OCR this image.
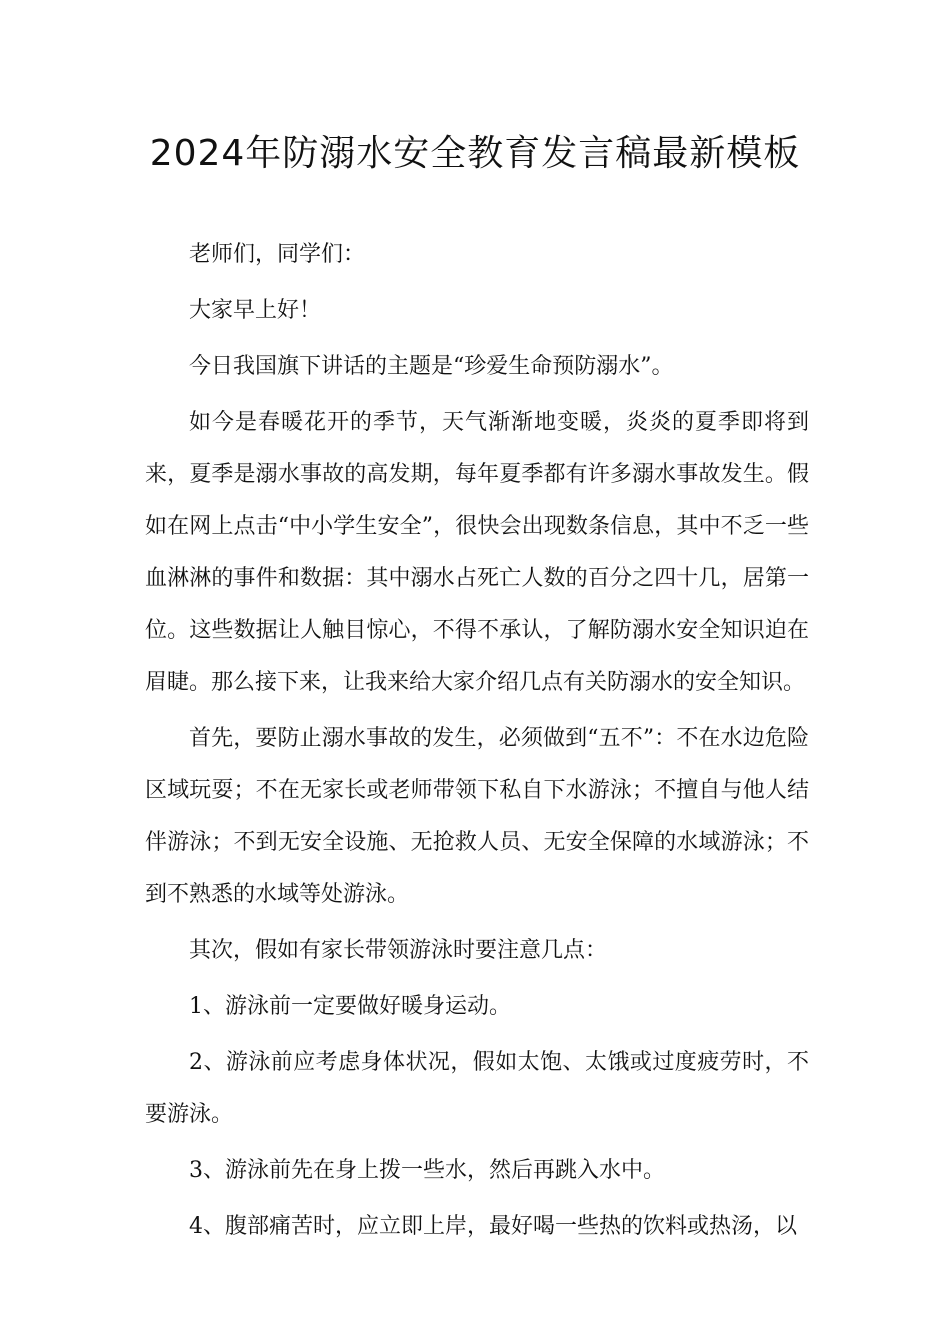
2024年防溺水安全教育发言稿最新模板

老师们，同学们：

大家早上好！

今日我国旗下讲话的主题是“珍爱生命预防溺水”。

如今是春暖花开的季节，天气渐渐地变暖，炎炎的夏季即将到来，夏季是溺水事故的高发期，每年夏季都有许多溺水事故发生。假如在网上点击“中小学生安全”，很快会出现数条信息，其中不乏一些血淋淋的事件和数据：其中溺水占死亡人数的百分之四十几，居第一位。这些数据让人触目惊心，不得不承认，了解防溺水安全知识迫在眉睫。那么接下来，让我来给大家介绍几点有关防溺水的安全知识。

首先，要防止溺水事故的发生，必须做到“五不”：不在水边危险区域玩耍；不在无家长或老师带领下私自下水游泳；不擅自与他人结伴游泳；不到无安全设施、无抢救人员、无安全保障的水域游泳；不到不熟悉的水域等处游泳。

其次，假如有家长带领游泳时要注意几点：

1、游泳前一定要做好暖身运动。

2、游泳前应考虑身体状况，假如太饱、太饿或过度疲劳时，不要游泳。

3、游泳前先在身上拨一些水，然后再跳入水中。

4、腹部痛苦时，应立即上岸，最好喝一些热的饮料或热汤，以
